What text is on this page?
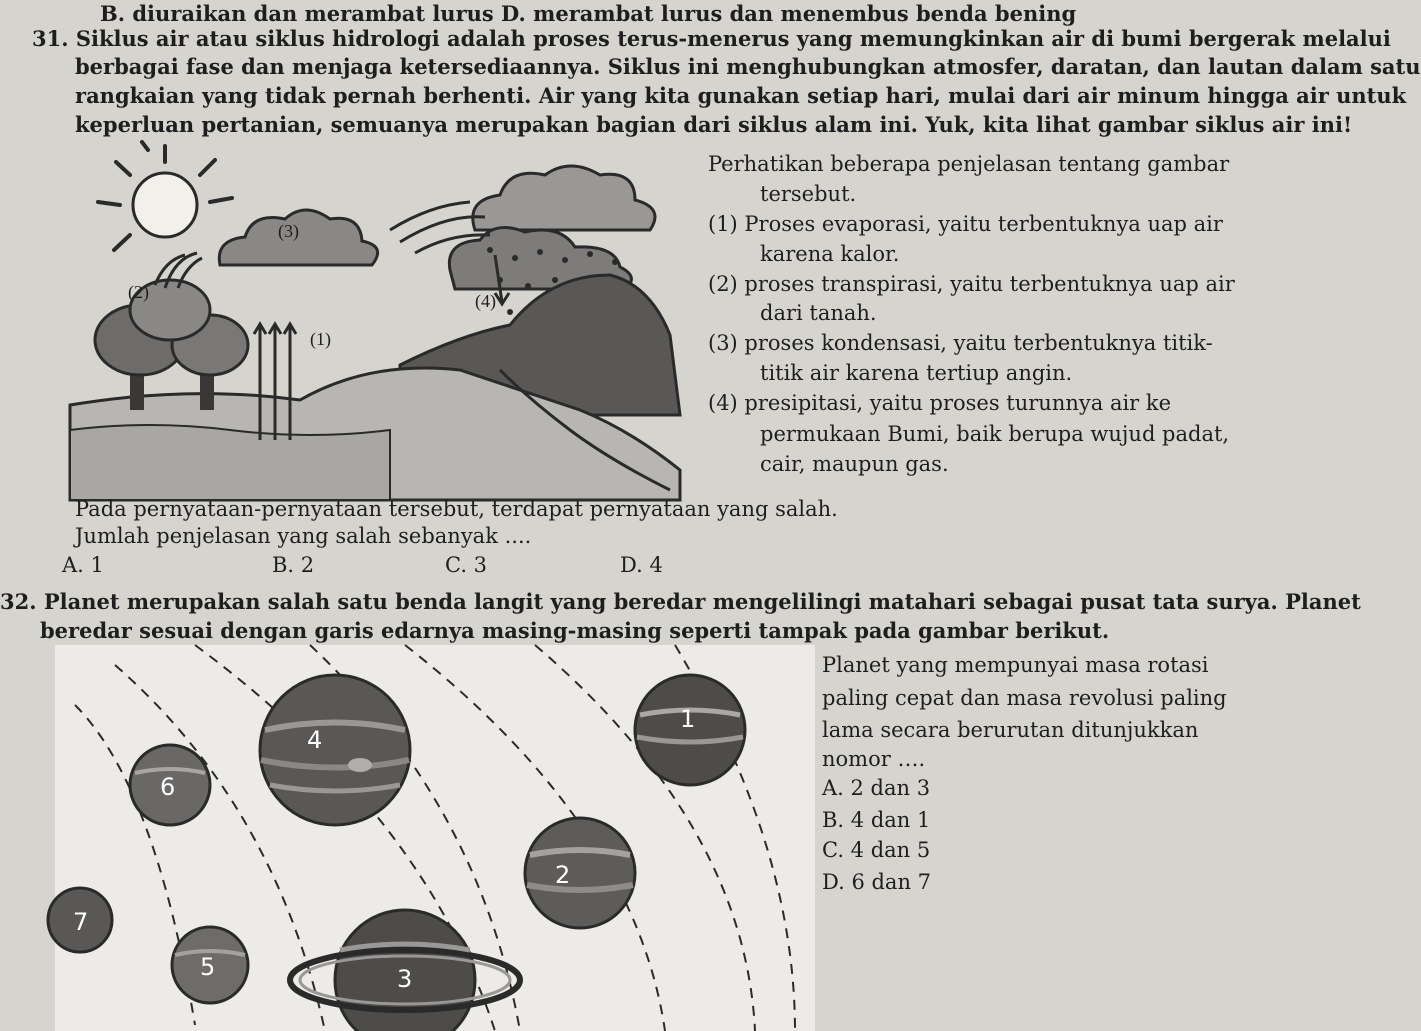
B. diuraikan dan merambat lurus D. merambat lurus dan menembus benda bening
31. Siklus air atau siklus hidrologi adalah proses terus-menerus yang memungkinkan air di bumi bergerak melalui
berbagai fase dan menjaga ketersediaannya. Siklus ini menghubungkan atmosfer, daratan, dan lautan dalam satu
rangkaian yang tidak pernah berhenti. Air yang kita gunakan setiap hari, mulai dari air minum hingga air untuk
keperluan pertanian, semuanya merupakan bagian dari siklus alam ini. Yuk, kita lihat gambar siklus air ini!
(3)
(2)	(4)
(1)
Perhatikan beberapa penjelasan tentang gambar
tersebut.
(1) Proses evaporasi, yaitu terbentuknya uap air
karena kalor.
(2) proses transpirasi, yaitu terbentuknya uap air
dari tanah.
(3) proses kondensasi, yaitu terbentuknya titik-
titik air karena tertiup angin.
(4) presipitasi, yaitu proses turunnya air ke
permukaan Bumi, baik berupa wujud padat,
cair, maupun gas.
Pada pernyataan-pernyataan tersebut, terdapat pernyataan yang salah.
Jumlah penjelasan yang salah sebanyak ....
A. 1	B. 2	C. 3	D. 4
32. Planet merupakan salah satu benda langit yang beredar mengelilingi matahari sebagai pusat tata surya. Planet
beredar sesuai dengan garis edarnya masing-masing seperti tampak pada gambar berikut.
4
1
6
2
7
5	3
Planet yang mempunyai masa rotasi
paling cepat dan masa revolusi paling
lama secara berurutan ditunjukkan
nomor ….
A. 2 dan 3
B. 4 dan 1
C. 4 dan 5
D. 6 dan 7
